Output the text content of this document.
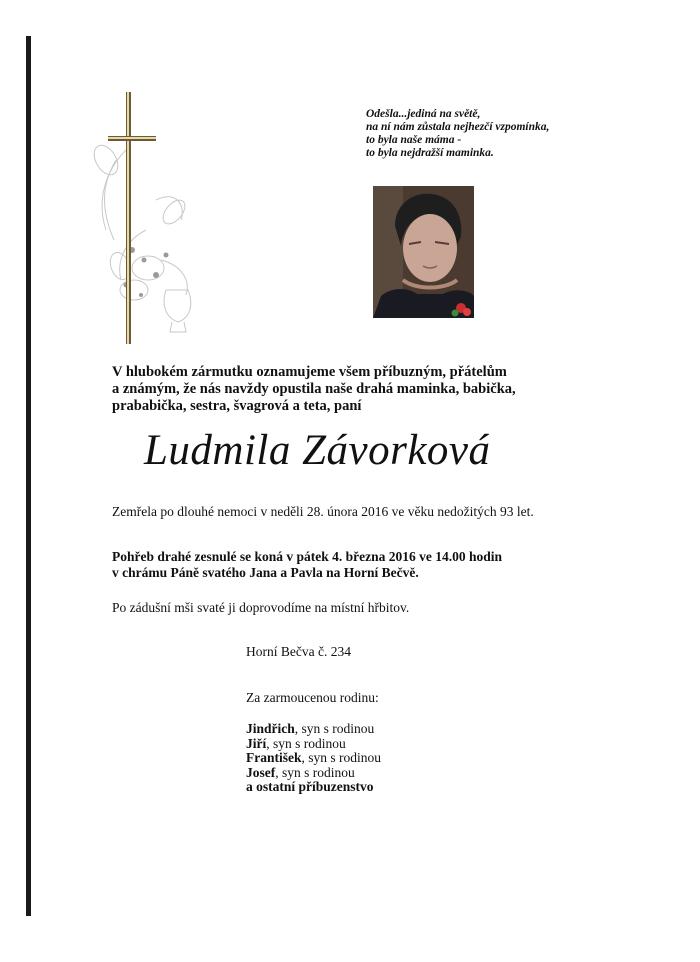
Odešla...jediná na světě,
na ní nám zůstala nejhezčí vzpomínka,
to byla naše máma -
to byla nejdražší maminka.
V hlubokém zármutku oznamujeme všem příbuzným, přátelům
a známým, že nás navždy opustila naše drahá maminka, babička,
prababička, sestra, švagrová a teta, paní
Ludmila Závorková
Zemřela po dlouhé nemoci v neděli 28. února 2016 ve věku nedožitých 93 let.
Pohřeb drahé zesnulé se koná v pátek 4. března 2016 ve 14.00 hodin
v chrámu Páně svatého Jana a Pavla na Horní Bečvě.
Po zádušní mši svaté ji doprovodíme na místní hřbitov.
Horní Bečva č. 234
Za zarmoucenou rodinu:
Jindřich, syn s rodinou
Jiří, syn s rodinou
František, syn s rodinou
Josef, syn s rodinou
a ostatní příbuzenstvo
